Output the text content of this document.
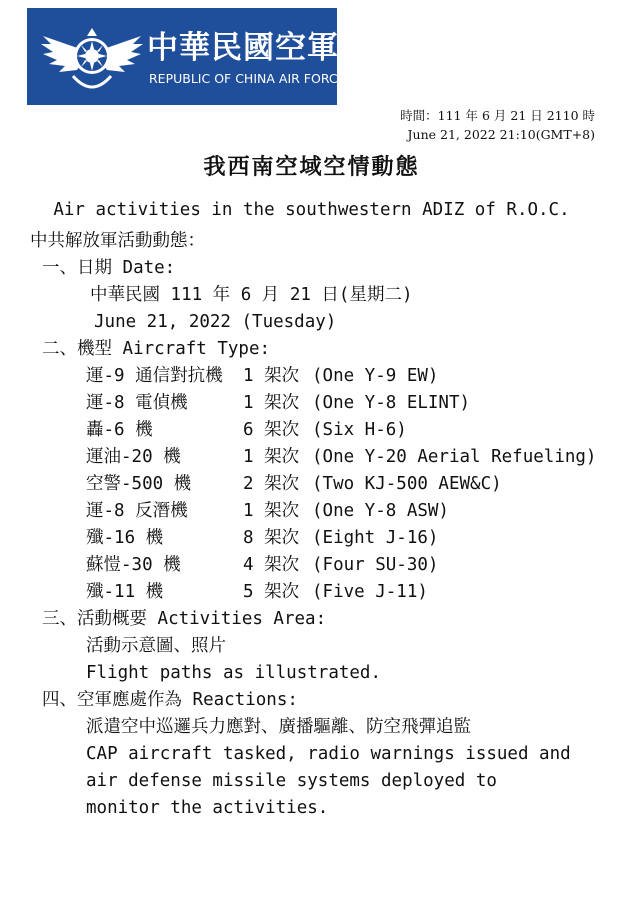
中華民國空軍
REPUBLIC OF CHINA AIR FORCE
時間：111 年 6 月 21 日 2110 時
June 21, 2022 21:10(GMT+8)
我西南空域空情動態
Air activities in the southwestern ADIZ of R.O.C.
中共解放軍活動動態：
一、日期 Date:
中華民國 111 年 6 月 21 日(星期二)
June 21, 2022 (Tuesday)
二、機型 Aircraft Type:
運-9 通信對抗機	1 架次 (One Y-9 EW)
運-8 電偵機	1 架次 (One Y-8 ELINT)
轟-6 機	6 架次 (Six H-6)
運油-20 機	1 架次 (One Y-20 Aerial Refueling)
空警-500 機	2 架次 (Two KJ-500 AEW&C)
運-8 反潛機	1 架次 (One Y-8 ASW)
殲-16 機	8 架次 (Eight J-16)
蘇愷-30 機	4 架次 (Four SU-30)
殲-11 機	5 架次 (Five J-11)
三、活動概要 Activities Area:
活動示意圖、照片
Flight paths as illustrated.
四、空軍應處作為 Reactions:
派遣空中巡邏兵力應對、廣播驅離、防空飛彈追監
CAP aircraft tasked, radio warnings issued and air defense missile systems deployed to monitor the activities.
